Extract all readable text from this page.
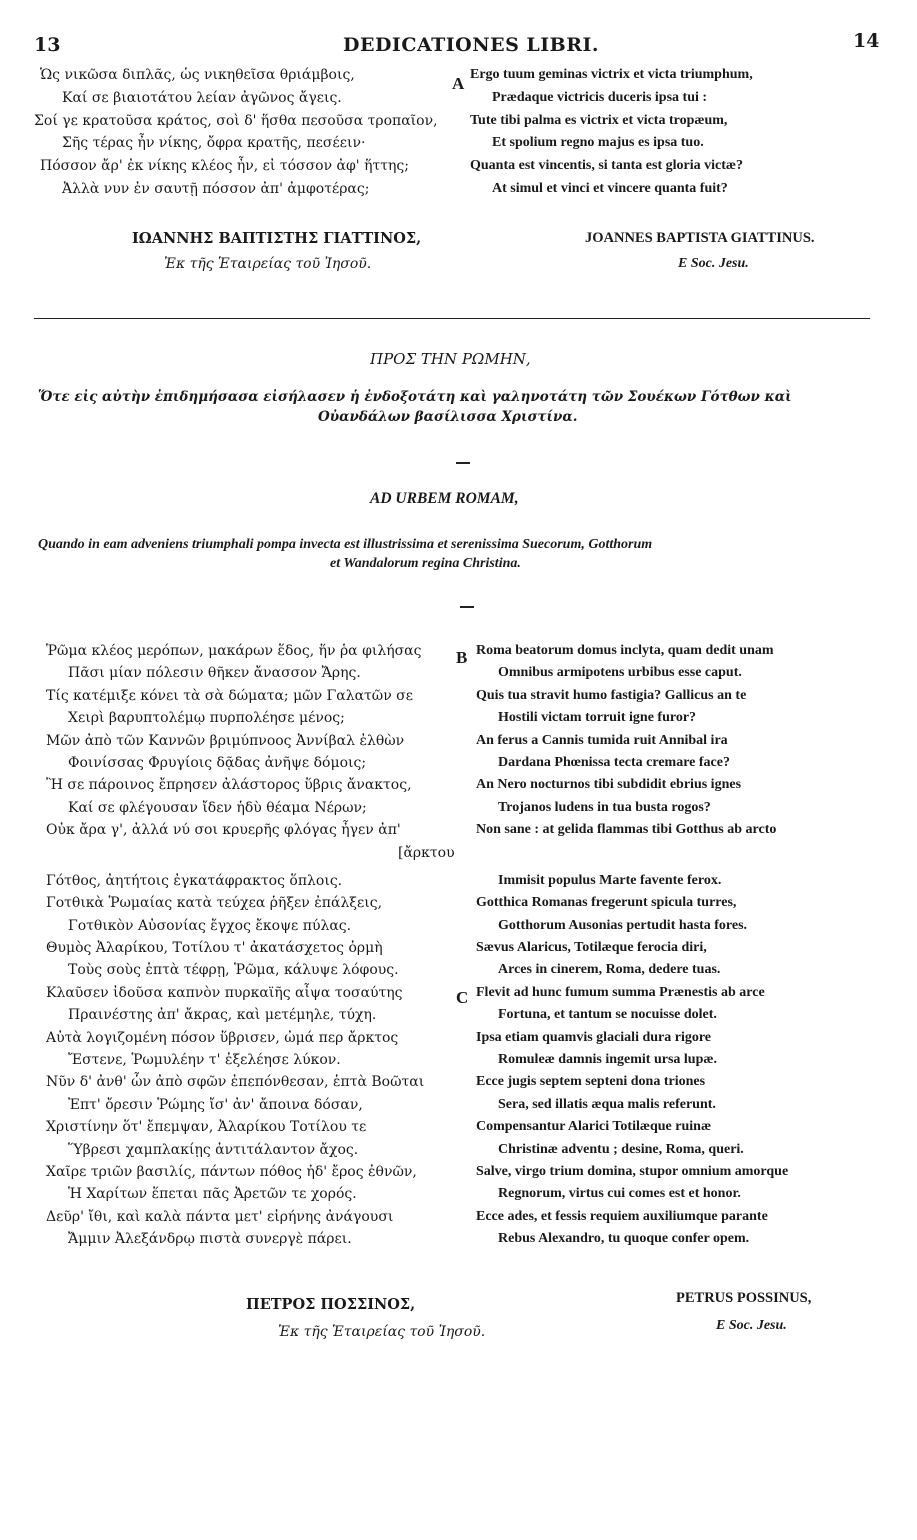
13	DEDICATIONES LIBRI.	14
Ὡς νικῶσα διπλᾶς, ὡς νικηθεῖσα θριάμβοις,
Καί σε βιαιοτάτου λείαν ἀγῶνος ἄγεις.
Σοί γε κρατοῦσα κράτος, σοὶ δ' ἥσθα πεσοῦσα τροπαῖον,
Σῆς τέρας ἦν νίκης, ὄφρα κρατῆς, πεσέειν·
Πόσσον ἄρ' ἐκ νίκης κλέος ἦν, εἰ τόσσον ἀφ' ἥττης;
Ἀλλὰ νυν ἐν σαυτῇ πόσσον ἀπ' ἀμφοτέρας;
A Ergo tuum geminas victrix et victa triumphum,
Prædaque victricis duceris ipsa tui :
Tute tibi palma es victrix et victa tropæum,
Et spolium regno majus es ipsa tuo.
Quanta est vincentis, si tanta est gloria victæ?
At simul et vinci et vincere quanta fuit?
ΙΩΑΝΝΗΣ ΒΑΠΤΙΣΤΗΣ ΓΙΑΤΤΙΝΟΣ,
Ἐκ τῆς Ἑταιρείας τοῦ Ἰησοῦ.
JOANNES BAPTISTA GIATTINUS.
E Soc. Jesu.
ΠΡΟΣ ΤΗΝ ΡΩΜΗΝ,
Ὅτε εἰς αὐτὴν ἐπιδημήσασα εἰσήλασεν ἡ ἐνδοξοτάτη καὶ γαληνοτάτη τῶν Σουέκων Γότθων καὶ
Οὐανδάλων βασίλισσα Χριστίνα.
AD URBEM ROMAM,
Quando in eam adveniens triumphali pompa invecta est illustrissima et serenissima Suecorum, Gotthorum
et Wandalorum regina Christina.
Ῥῶμα κλέος μερόπων, μακάρων ἕδος, ἥν ῥα φιλήσας
Πᾶσι μίαν πόλεσιν θῆκεν ἄνασσον Ἄρης.
Τίς κατέμιξε κόνει τὰ σὰ δώματα; μῶν Γαλατῶν σε
Χειρὶ βαρυπτολέμῳ πυρπολέησε μένος;
Μῶν ἀπὸ τῶν Καννῶν βριμύπνοος Ἀννίβαλ ἐλθὼν
Φοινίσσας Φρυγίοις δᾷδας ἀνῆψε δόμοις;
Ἢ σε πάροινος ἔπρησεν ἀλάστορος ὕβρις ἄνακτος,
Καί σε φλέγουσαν ἴδεν ἡδὺ θέαμα Νέρων;
Οὐκ ἄρα γ', ἀλλά νύ σοι κρυερῆς φλόγας ἦγεν ἀπ'
[ἄρκτου
Γότθος, ἀητήτοις ἐγκατάφρακτος ὅπλοις.
Γοτθικὰ Ῥωμαίας κατὰ τεύχεα ῥῆξεν ἐπάλξεις,
Γοτθικὸν Αὐσονίας ἔγχος ἔκοψε πύλας.
Θυμὸς Ἀλαρίκου, Τοτίλου τ' ἀκατάσχετος ὁρμὴ
Τοὺς σοὺς ἑπτὰ τέφρῃ, Ῥῶμα, κάλυψε λόφους.
Κλαῦσεν ἰδοῦσα καπνὸν πυρκαϊῆς αἶψα τοσαύτης
Πραινέστης ἀπ' ἄκρας, καὶ μετέμηλε, τύχη.
Αὐτὰ λογιζομένη πόσον ὕβρισεν, ὠμά περ ἄρκτος
Ἔστενε, Ῥωμυλέην τ' ἐξελέησε λύκον.
Νῦν δ' ἀνθ' ὧν ἀπὸ σφῶν ἐπεπόνθεσαν, ἑπτὰ Βοῶται
Ἐπτ' ὄρεσιν Ῥώμης ἴσ' ἀν' ἄποινα δόσαν,
Χριστίνην ὅτ' ἔπεμψαν, Ἀλαρίκου Τοτίλου τε
Ὕβρεσι χαμπλακίῃς ἀντιτάλαντον ἄχος.
Χαῖρε τριῶν βασιλίς, πάντων πόθος ἠδ' ἔρος ἐθνῶν,
Ἡ Χαρίτων ἕπεται πᾶς Ἀρετῶν τε χορός.
Δεῦρ' ἴθι, καὶ καλὰ πάντα μετ' εἰρήνης ἀνάγουσι
Ἄμμιν Ἀλεξάνδρῳ πιστὰ συνεργὲ πάρει.
B
C
Roma beatorum domus inclyta, quam dedit unam
Omnibus armipotens urbibus esse caput.
Quis tua stravit humo fastigia? Gallicus an te
Hostili victam torruit igne furor?
An ferus a Cannis tumida ruit Annibal ira
Dardana Phœnissa tecta cremare face?
An Nero nocturnos tibi subdidit ebrius ignes
Trojanos ludens in tua busta rogos?
Non sane : at gelida flammas tibi Gotthus ab arcto
Immisit populus Marte favente ferox.
Gotthica Romanas fregerunt spicula turres,
Gotthorum Ausonias pertudit hasta fores.
Sævus Alaricus, Totilæque ferocia diri,
Arces in cinerem, Roma, dedere tuas.
Flevit ad hunc fumum summa Prænestis ab arce
Fortuna, et tantum se nocuisse dolet.
Ipsa etiam quamvis glaciali dura rigore
Romuleæ damnis ingemit ursa lupæ.
Ecce jugis septem septeni dona triones
Sera, sed illatis æqua malis referunt.
Compensantur Alarici Totilæque ruinæ
Christinæ adventu ; desine, Roma, queri.
Salve, virgo trium domina, stupor omnium amorque
Regnorum, virtus cui comes est et honor.
Ecce ades, et fessis requiem auxiliumque parante
Rebus Alexandro, tu quoque confer opem.
ΠΕΤΡΟΣ ΠΟΣΣΙΝΟΣ,
Ἐκ τῆς Ἑταιρείας τοῦ Ἰησοῦ.
PETRUS POSSINUS,
E Soc. Jesu.
